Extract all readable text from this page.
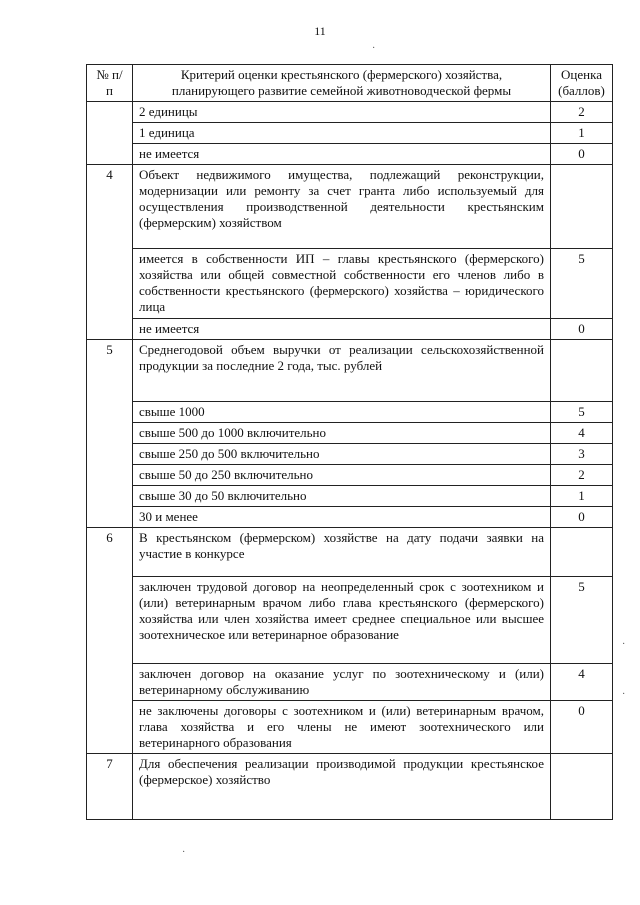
11
·
·
·
·
№ п/п	Критерий оценки крестьянского (фермерского) хозяйства, планирующего развитие семейной животноводческой фермы	Оценка (баллов)
	2 единицы	2
	1 единица	1
	не имеется	0
4	Объект недвижимого имущества, подлежащий реконструкции, модернизации или ремонту за счет гранта либо используемый для осуществления производственной деятельности крестьянским (фермерским) хозяйством	

	имеется в собственности ИП – главы крестьянского (фермерского) хозяйства или общей совместной собственности его членов либо в собственности крестьянского (фермерского) хозяйства – юридического лица	5
	не имеется	0
5	Среднегодовой объем выручки от реализации сельскохозяйственной продукции за последние 2 года, тыс. рублей	

	свыше 1000	5
	свыше 500 до 1000 включительно	4
	свыше 250 до 500 включительно	3
	свыше 50 до 250 включительно	2
	свыше 30 до 50 включительно	1
	30 и менее	0
6	В крестьянском (фермерском) хозяйстве на дату подачи заявки на участие в конкурсе	

	заключен трудовой договор на неопределенный срок с зоотехником и (или) ветеринарным врачом либо глава крестьянского (фермерского) хозяйства или член хозяйства имеет среднее специальное или высшее зоотехническое или ветеринарное образование	5

	заключен договор на оказание услуг по зоотехническому и (или) ветеринарному обслуживанию	4

	не заключены договоры с зоотехником и (или) ветеринарным врачом, глава хозяйства и его члены не имеют зоотехнического или ветеринарного образования	0
7	Для обеспечения реализации производимой продукции крестьянское (фермерское) хозяйство	
